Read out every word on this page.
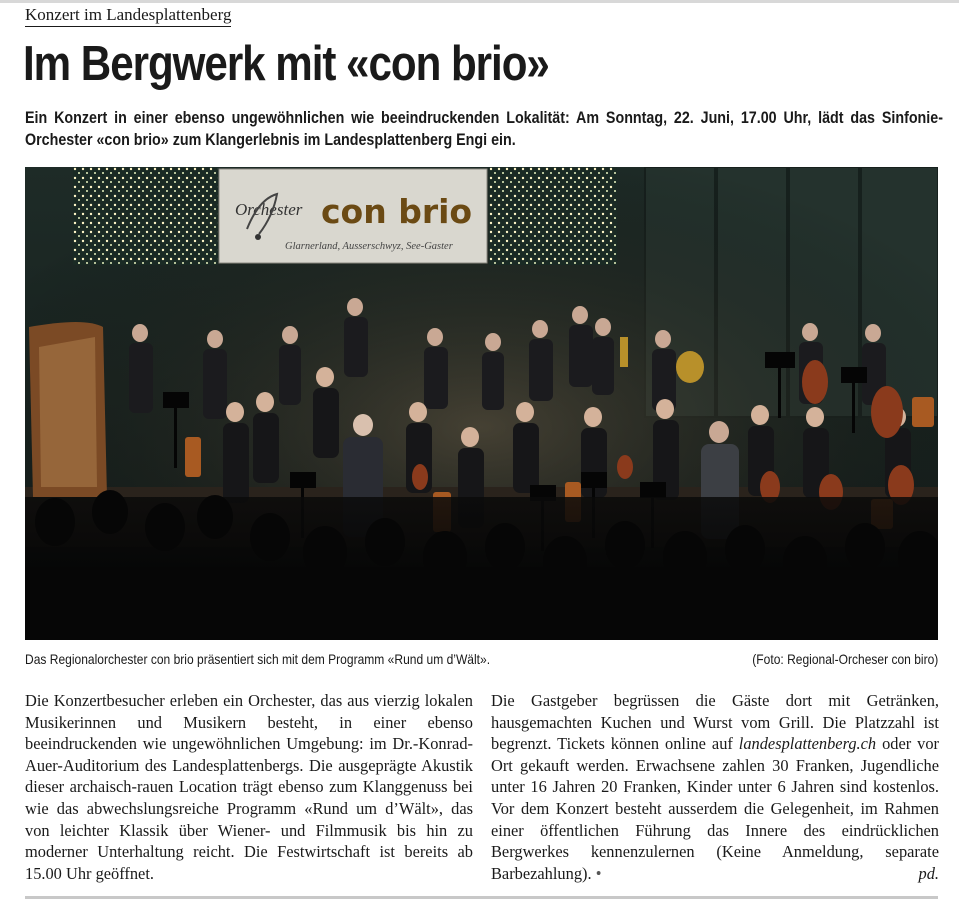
Konzert im Landesplattenberg
Im Bergwerk mit «con brio»

Ein Konzert in einer ebenso ungewöhnlichen wie beeindruckenden Lokalität: Am Sonntag, 22. Juni, 17.00 Uhr, lädt das Sinfonie-Orchester «con brio» zum Klangerlebnis im Landesplattenberg Engi ein.

Orchester con brio
Glarnerland, Ausserschwyz, See-Gaster
Das Regionalorchester con brio präsentiert sich mit dem Programm «Rund um d’Wält».	(Foto: Regional-Orcheser con biro)

Die Konzertbesucher erleben ein Orchester, das aus vierzig lokalen Musikerinnen und Musikern besteht, in einer ebenso beeindruckenden wie ungewöhnlichen Umgebung: im Dr.-Konrad-Auer-Auditorium des Landesplattenbergs. Die ausgeprägte Akustik dieser archaisch-rauen Location trägt ebenso zum Klanggenuss bei wie das abwechslungsreiche Programm «Rund um d’Wält», das von leichter Klassik über Wiener- und Filmmusik bis hin zu moderner Unterhaltung reicht. Die Festwirtschaft ist bereits ab 15.00 Uhr geöffnet.

Die Gastgeber begrüssen die Gäste dort mit Getränken, hausgemachten Kuchen und Wurst vom Grill. Die Platzzahl ist begrenzt. Tickets können online auf landesplattenberg.ch oder vor Ort gekauft werden. Erwachsene zahlen 30 Franken, Jugendliche unter 16 Jahren 20 Franken, Kinder unter 6 Jahren sind kostenlos. Vor dem Konzert besteht ausserdem die Gelegenheit, im Rahmen einer öffentlichen Führung das Innere des eindrücklichen Bergwerkes kennenzulernen (Keine Anmeldung, separate Barbezahlung). •	pd.
